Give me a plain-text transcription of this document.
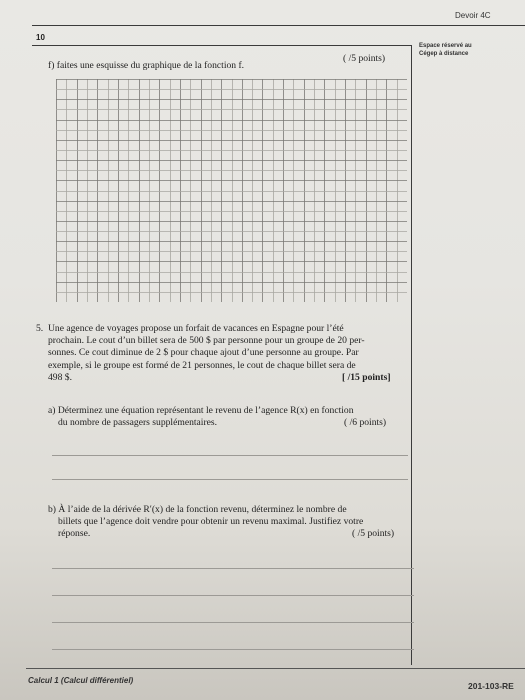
Devoir 4C
10
Espace réservé au
Cégep à distance
f) faites une esquisse du graphique de la fonction f.
( /5 points)
5. Une agence de voyages propose un forfait de vacances en Espagne pour l’été
prochain. Le cout d’un billet sera de 500 $ par personne pour un groupe de 20 per-
sonnes. Ce cout diminue de 2 $ pour chaque ajout d’une personne au groupe. Par
exemple, si le groupe est formé de 21 personnes, le cout de chaque billet sera de
498 $.	[ /15 points]
a) Déterminez une équation représentant le revenu de l’agence R(x) en fonction
du nombre de passagers supplémentaires.	( /6 points)
b) À l’aide de la dérivée R′(x) de la fonction revenu, déterminez le nombre de
billets que l’agence doit vendre pour obtenir un revenu maximal. Justifiez votre
réponse.	( /5 points)
Calcul 1 (Calcul différentiel)
201-103-RE
